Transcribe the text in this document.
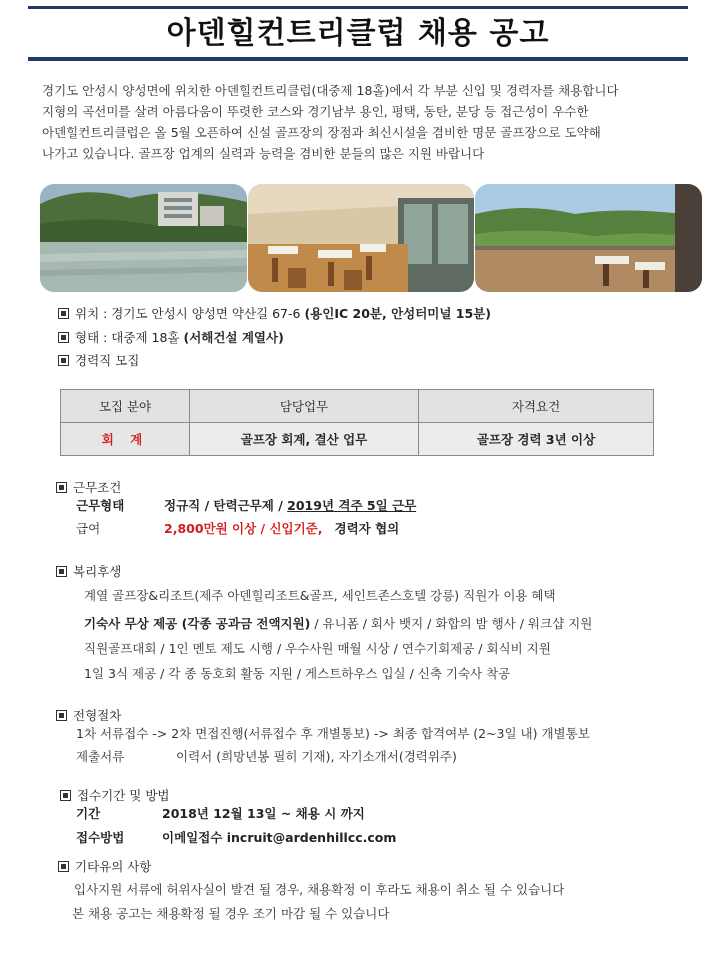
아덴힐컨트리클럽 채용 공고
경기도 안성시 양성면에 위치한 아덴힐컨트리클럽(대중제 18홀)에서 각 부분 신입 및 경력자를 채용합니다
지형의 곡선미를 살려 아름다움이 뚜렷한 코스와 경기남부 용인, 평택, 동탄, 분당 등 접근성이 우수한
아덴힐컨트리클럽은 올 5월 오픈하여 신설 골프장의 장점과 최신시설을 겸비한 명문 골프장으로 도약해
나가고 있습니다. 골프장 업계의 실력과 능력을 겸비한 분들의 많은 지원 바랍니다
위치 : 경기도 안성시 양성면 약산길 67-6 (용인IC 20분, 안성터미널 15분)
형태 : 대중제 18홀 (서해건설 계열사)
경력직 모집
모집 분야	담당업무	자격요건
회 계	골프장 회계, 결산 업무	골프장 경력 3년 이상
근무조건
근무형태	정규직 / 탄력근무제 / 2019년 격주 5일 근무
급여	2,800만원 이상 / 신입기준, 경력자 협의
복리후생
계열 골프장&리조트(제주 아덴힐리조트&골프, 세인트존스호텔 강릉) 직원가 이용 혜택
기숙사 무상 제공 (각종 공과금 전액지원) / 유니폼 / 회사 뱃지 / 화합의 밤 행사 / 워크샵 지원
직원골프대회 / 1인 멘토 제도 시행 / 우수사원 매월 시상 / 연수기회제공 / 회식비 지원
1일 3식 제공 / 각 종 동호회 활동 지원 / 게스트하우스 입실 / 신축 기숙사 착공
전형절차
1차 서류접수 -> 2차 면접진행(서류접수 후 개별통보) -> 최종 합격여부 (2~3일 내) 개별통보
제출서류	이력서 (희망년봉 필히 기재), 자기소개서(경력위주)
접수기간 및 방법
기간	2018년 12월 13일 ~ 채용 시 까지
접수방법	이메일접수 incruit@ardenhillcc.com
기타유의 사항
입사지원 서류에 허위사실이 발견 될 경우, 채용확정 이 후라도 채용이 취소 될 수 있습니다
본 채용 공고는 채용확정 될 경우 조기 마감 될 수 있습니다
